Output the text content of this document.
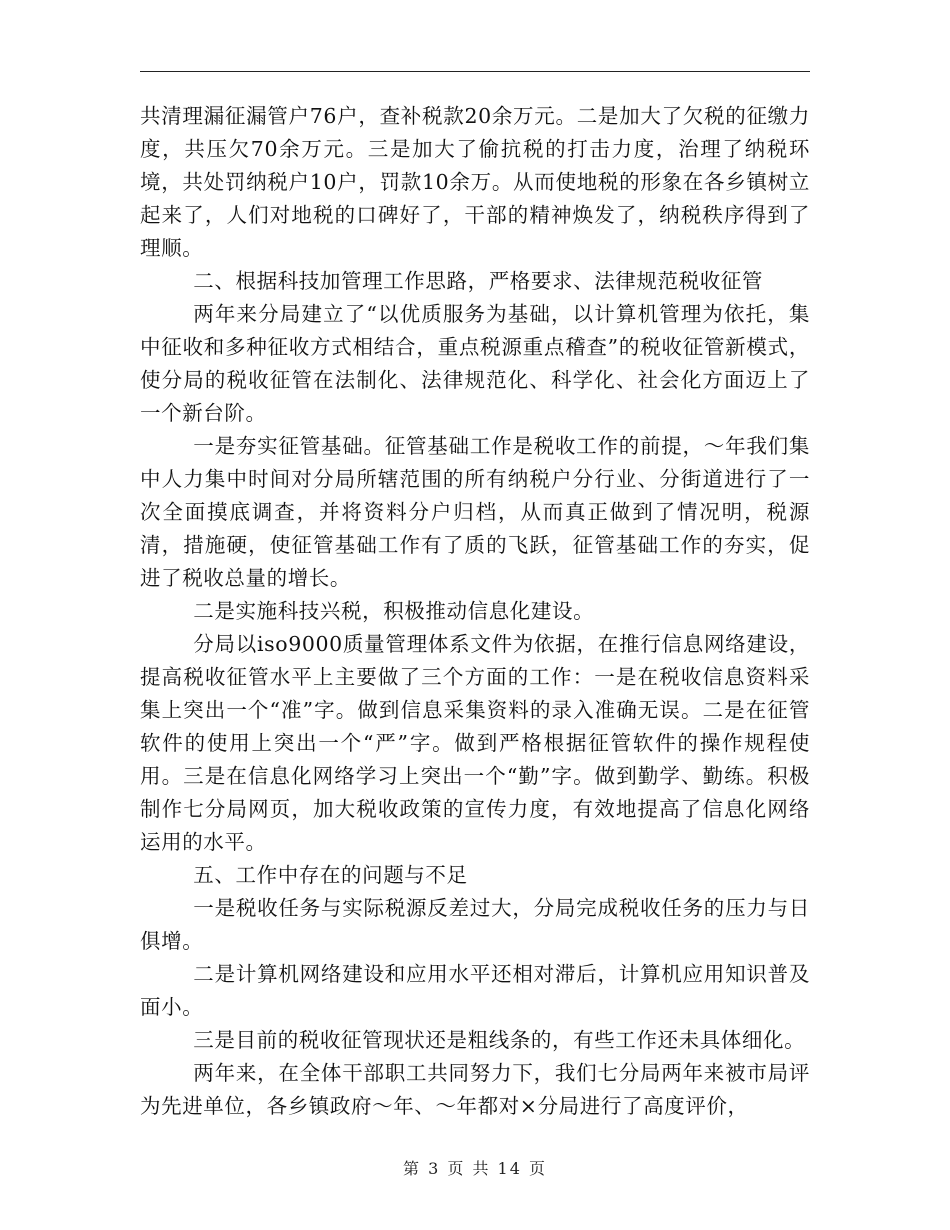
共清理漏征漏管户76户，查补税款20余万元。二是加大了欠税的征缴力度，共压欠70余万元。三是加大了偷抗税的打击力度，治理了纳税环境，共处罚纳税户10户，罚款10余万。从而使地税的形象在各乡镇树立起来了，人们对地税的口碑好了，干部的精神焕发了，纳税秩序得到了理顺。

二、根据科技加管理工作思路，严格要求、法律规范税收征管

两年来分局建立了“以优质服务为基础，以计算机管理为依托，集中征收和多种征收方式相结合，重点税源重点稽查”的税收征管新模式，使分局的税收征管在法制化、法律规范化、科学化、社会化方面迈上了一个新台阶。

一是夯实征管基础。征管基础工作是税收工作的前提，～年我们集中人力集中时间对分局所辖范围的所有纳税户分行业、分街道进行了一次全面摸底调查，并将资料分户归档，从而真正做到了情况明，税源清，措施硬，使征管基础工作有了质的飞跃，征管基础工作的夯实，促进了税收总量的增长。

二是实施科技兴税，积极推动信息化建设。

分局以iso9000质量管理体系文件为依据，在推行信息网络建设，提高税收征管水平上主要做了三个方面的工作：一是在税收信息资料采集上突出一个“准”字。做到信息采集资料的录入准确无误。二是在征管软件的使用上突出一个“严”字。做到严格根据征管软件的操作规程使用。三是在信息化网络学习上突出一个“勤”字。做到勤学、勤练。积极制作七分局网页，加大税收政策的宣传力度，有效地提高了信息化网络运用的水平。

五、工作中存在的问题与不足

一是税收任务与实际税源反差过大，分局完成税收任务的压力与日俱增。

二是计算机网络建设和应用水平还相对滞后，计算机应用知识普及面小。

三是目前的税收征管现状还是粗线条的，有些工作还未具体细化。

两年来，在全体干部职工共同努力下，我们七分局两年来被市局评为先进单位，各乡镇政府～年、～年都对×分局进行了高度评价，

第 3 页 共 14 页
